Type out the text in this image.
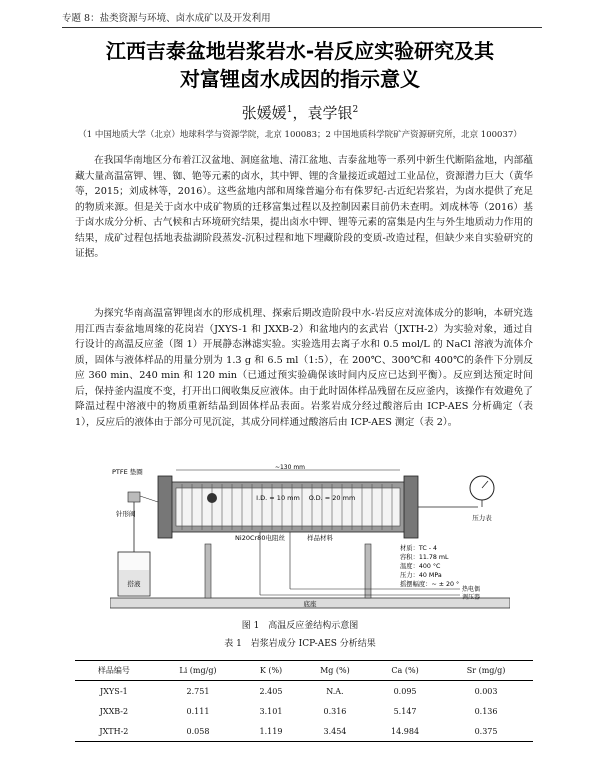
专题 8：盐类资源与环境、卤水成矿以及开发利用
江西吉泰盆地岩浆岩水-岩反应实验研究及其
对富锂卤水成因的指示意义
张媛媛$^1$，袁学银$^2$
（1 中国地质大学（北京）地球科学与资源学院，北京 100083；2 中国地质科学院矿产资源研究所，北京 100037）

在我国华南地区分布着江汉盆地、洞庭盆地、清江盆地、吉泰盆地等一系列中新生代断陷盆地，内部蕴藏大量高温富钾、锂、铷、铯等元素的卤水，其中钾、锂的含量接近或超过工业品位，资源潜力巨大（黄华等，2015；刘成林等，2016）。这些盆地内部和周缘普遍分布有侏罗纪-古近纪岩浆岩，为卤水提供了充足的物质来源。但是关于卤水中成矿物质的迁移富集过程以及控制因素目前仍未查明。刘成林等（2016）基于卤水成分分析、古气候和古环境研究结果，提出卤水中钾、锂等元素的富集是内生与外生地质动力作用的结果，成矿过程包括地表盐湖阶段蒸发-沉积过程和地下埋藏阶段的变质-改造过程，但缺少来自实验研究的证据。

为探究华南高温富钾锂卤水的形成机理、探索后期改造阶段中水-岩反应对流体成分的影响，本研究选用江西吉泰盆地周缘的花岗岩（JXYS-1 和 JXXB-2）和盆地内的玄武岩（JXTH-2）为实验对象，通过自行设计的高温反应釜（图 1）开展静态淋滤实验。实验选用去离子水和 0.5 mol/L 的 NaCl 溶液为流体介质，固体与液体样品的用量分别为 1.3 g 和 6.5 ml（1:5），在 200℃、300℃和 400℃的条件下分别反应 360 min、240 min 和 120 min（已通过预实验确保该时间内反应已达到平衡）。反应到达预定时间后，保持釜内温度不变，打开出口阀收集反应液体。由于此时固体样品残留在反应釜内，该操作有效避免了降温过程中溶液中的物质重新结晶到固体样品表面。岩浆岩成分经过酸溶后由 ICP-AES 分析确定（表 1），反应后的液体由于部分可见沉淀，其成分同样通过酸溶后由 ICP-AES 测定（表 2）。

底座
~130 mm
I.D. = 10 mm O.D. = 20 mm
Ni20Cr80电阻丝	样品材料
PTFE 垫圈
针形阀
搭液
压力表
材质：TC - 4
容积：11.78 mL
温度：400 °C
压力：40 MPa
摇摆幅度：~ ± 20 °
热电偶
调压器
图 1　高温反应釜结构示意图
表 1　岩浆岩成分 ICP-AES 分析结果
样品编号	Li (mg/g)	K (%)	Mg (%)	Ca (%)	Sr (mg/g)
JXYS-1	2.751	2.405	N.A.	0.095	0.003
JXXB-2	0.111	3.101	0.316	5.147	0.136
JXTH-2	0.058	1.119	3.454	14.984	0.375
